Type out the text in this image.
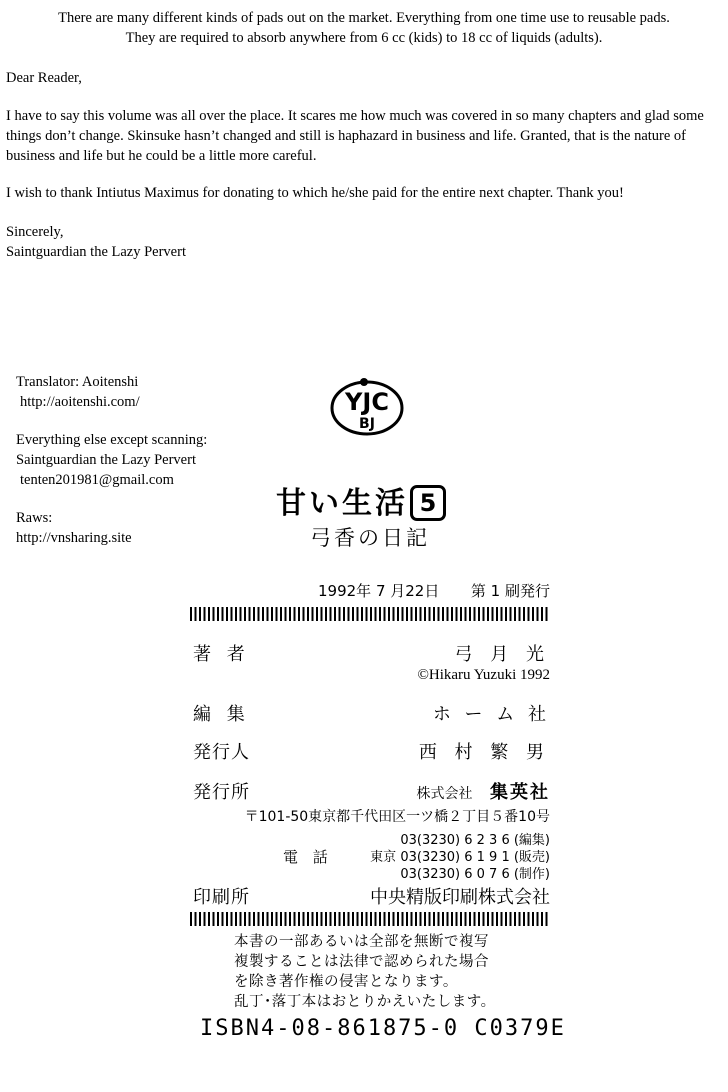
There are many different kinds of pads out on the market. Everything from one time use to reusable pads.
They are required to absorb anywhere from 6 cc (kids) to 18 cc of liquids (adults).
Dear Reader,
I have to say this volume was all over the place. It scares me how much was covered in so many chapters and glad some things don’t change. Skinsuke hasn’t changed and still is haphazard in business and life. Granted, that is the nature of business and life but he could be a little more careful.
I wish to thank Intiutus Maximus for donating to which he/she paid for the entire next chapter. Thank you!
Sincerely,
Saintguardian the Lazy Pervert
Translator: Aoitenshi
http://aoitenshi.com/
Everything else except scanning:
Saintguardian the Lazy Pervert
tenten201981@gmail.com
Raws:
http://vnsharing.site
YJC
BJ
甘い生活 5
弓香の日記
1992年 7 月22日 第 1 刷発行
著 者	弓 月 光
©Hikaru Yuzuki 1992
編 集	ホ ー ム 社
発行人	西 村 繁 男
発行所	株式会社 集英社
〒101-50東京都千代田区一ツ橋２丁目５番10号
03(3230) 6 2 3 6 (編集)
電 話	東京 03(3230) 6 1 9 1 (販売)
03(3230) 6 0 7 6 (制作)
印刷所	中央精版印刷株式会社
本書の一部あるいは全部を無断で複写
複製することは法律で認められた場合
を除き著作権の侵害となります。
乱丁･落丁本はおとりかえいたします。
ISBN4-08-861875-0 C0379E
